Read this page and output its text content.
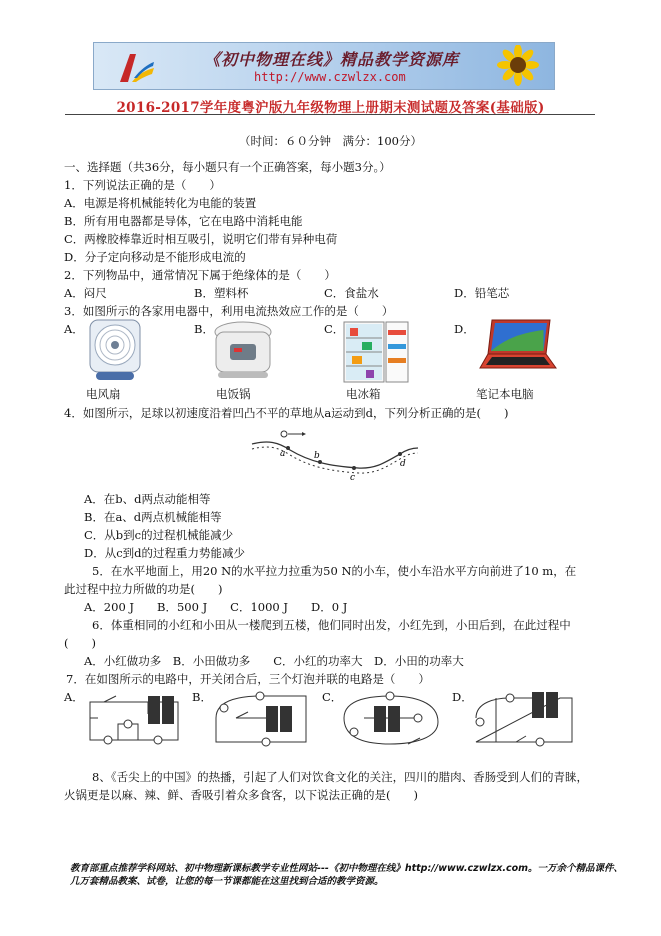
《初中物理在线》精品教学资源库
http://www.czwlzx.com
2016-2017学年度粤沪版九年级物理上册期末测试题及答案(基础版)
（时间：６０分钟　满分：100分）
一、选择题（共36分，每小题只有一个正确答案，每小题3分。）
1．下列说法正确的是（　　）
A．电源是将机械能转化为电能的装置
B．所有用电器都是导体，它在电路中消耗电能
C．两橡胶棒靠近时相互吸引，说明它们带有异种电荷
D．分子定向移动是不能形成电流的
2．下列物品中，通常情况下属于绝缘体的是（　　）
A．闷尺	B．塑料杯	C．食盐水	D．铅笔芯
3．如图所示的各家用电器中，利用电流热效应工作的是（　　）
A．	B．	C．	D．
电风扇	电饭锅	电冰箱	笔记本电脑
4．如图所示，足球以初速度沿着凹凸不平的草地从a运动到d，下列分析正确的是(　　)
a	b
c
d
A．在b、d两点动能相等
B．在a、d两点机械能相等
C．从b到c的过程机械能减少
D．从c到d的过程重力势能减少
5．在水平地面上，用20 N的水平拉力拉重为50 N的小车，使小车沿水平方向前进了10 m，在
此过程中拉力所做的功是(　　)
A．200 J　　B．500 J　　C．1000 J　　D．0 J
6．体重相同的小红和小田从一楼爬到五楼，他们同时出发，小红先到，小田后到，在此过程中
(　　)
A．小红做功多　B．小田做功多　　C．小红的功率大　D．小田的功率大
7．在如图所示的电路中，开关闭合后，三个灯泡并联的电路是（　　）
A．	B．	C．	D．
8、《舌尖上的中国》的热播，引起了人们对饮食文化的关注，四川的腊肉、香肠受到人们的青睐，
火锅更是以麻、辣、鲜、香吸引着众多食客，以下说法正确的是(　　)
教育部重点推荐学科网站、初中物理新课标教学专业性网站---《初中物理在线》http://www.czwlzx.com。一万余个精品课件、
几万套精品教案、试卷，让您的每一节课都能在这里找到合适的教学资源。
